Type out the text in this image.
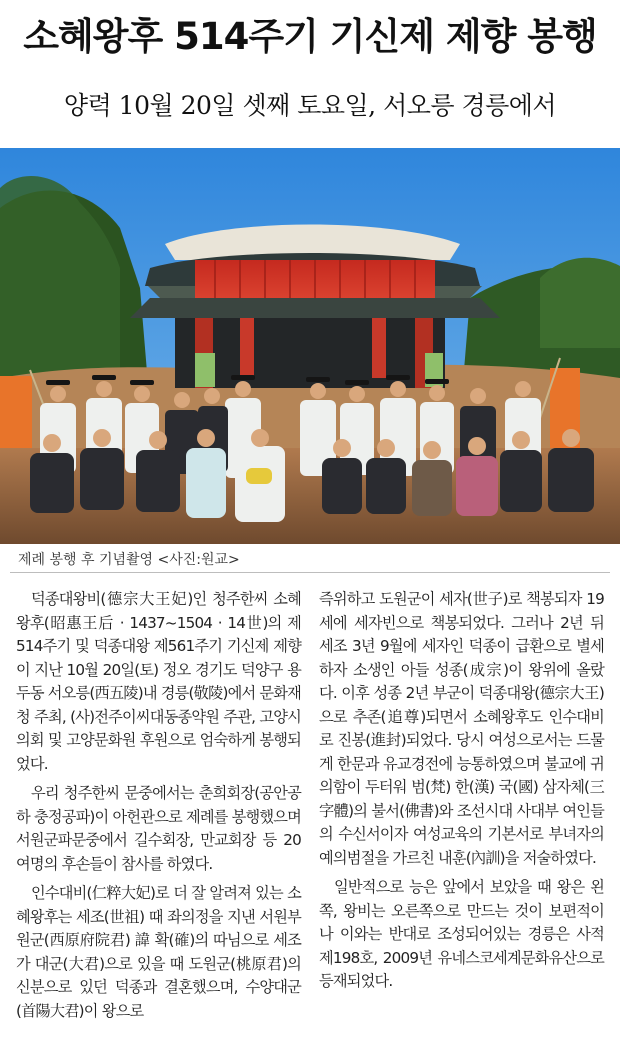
소혜왕후 514주기 기신제 제향 봉행
양력 10월 20일 셋째 토요일, 서오릉 경릉에서
제례 봉행 후 기념촬영 <사진:원교>

덕종대왕비(德宗大王妃)인 청주한씨 소혜왕후(昭惠王后 · 1437~1504 · 14世)의 제514주기 및 덕종대왕 제561주기 기신제 제향이 지난 10월 20일(토) 정오 경기도 덕양구 용두동 서오릉(西五陵)내 경릉(敬陵)에서 문화재청 주최, (사)전주이씨대동종약원 주관, 고양시 의회 및 고양문화원 후원으로 엄숙하게 봉행되었다.

우리 청주한씨 문중에서는 춘희회장(공안공하 충정공파)이 아헌관으로 제례를 봉행했으며 서원군파문중에서 길수회장, 만교회장 등 20여명의 후손들이 참사를 하였다.

인수대비(仁粹大妃)로 더 잘 알려져 있는 소혜왕후는 세조(世祖) 때 좌의정을 지낸 서원부원군(西原府院君) 諱 확(確)의 따님으로 세조가 대군(大君)으로 있을 때 도원군(桃原君)의 신분으로 있던 덕종과 결혼했으며, 수양대군(首陽大君)이 왕으로

즉위하고 도원군이 세자(世子)로 책봉되자 19세에 세자빈으로 책봉되었다. 그러나 2년 뒤 세조 3년 9월에 세자인 덕종이 급환으로 별세하자 소생인 아들 성종(成宗)이 왕위에 올랐다. 이후 성종 2년 부군이 덕종대왕(德宗大王)으로 추존(追尊)되면서 소혜왕후도 인수대비로 진봉(進封)되었다. 당시 여성으로서는 드물게 한문과 유교경전에 능통하였으며 불교에 귀의함이 두터워 범(梵) 한(漢) 국(國) 삼자체(三字體)의 불서(佛書)와 조선시대 사대부 여인들의 수신서이자 여성교육의 기본서로 부녀자의 예의범절을 가르친 내훈(內訓)을 저술하였다.

일반적으로 능은 앞에서 보았을 때 왕은 왼쪽, 왕비는 오른쪽으로 만드는 것이 보편적이나 이와는 반대로 조성되어있는 경릉은 사적 제198호, 2009년 유네스코세계문화유산으로 등재되었다.
